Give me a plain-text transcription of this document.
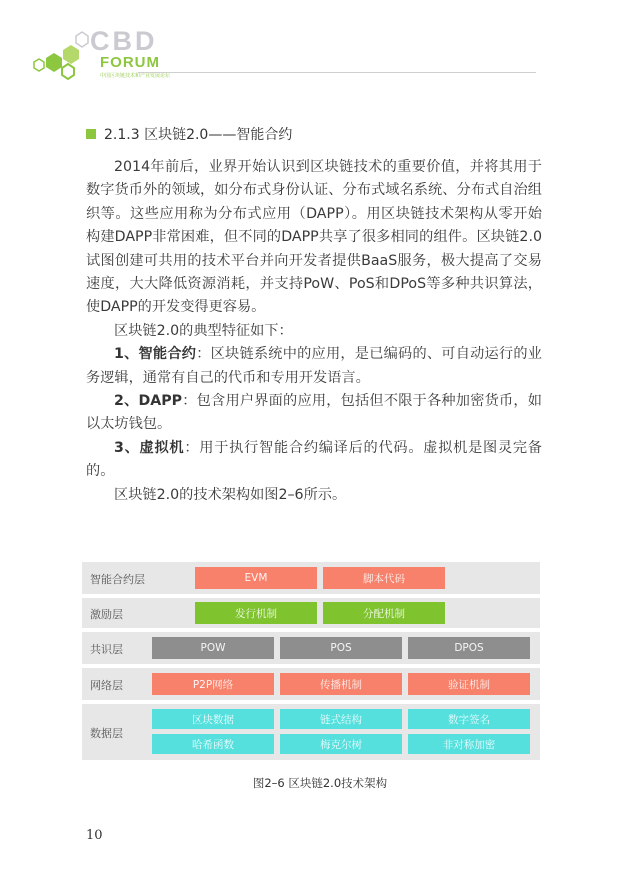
CBD
FORUM
中国区块链技术和产业发展论坛
2.1.3 区块链2.0——智能合约

2014年前后，业界开始认识到区块链技术的重要价值，并将其用于数字货币外的领域，如分布式身份认证、分布式域名系统、分布式自治组织等。这些应用称为分布式应用（DAPP）。用区块链技术架构从零开始构建DAPP非常困难，但不同的DAPP共享了很多相同的组件。区块链2.0试图创建可共用的技术平台并向开发者提供BaaS服务，极大提高了交易速度，大大降低资源消耗，并支持PoW、PoS和DPoS等多种共识算法，使DAPP的开发变得更容易。

区块链2.0的典型特征如下：

1、智能合约：区块链系统中的应用，是已编码的、可自动运行的业务逻辑，通常有自己的代币和专用开发语言。

2、DAPP：包含用户界面的应用，包括但不限于各种加密货币，如以太坊钱包。

3、虚拟机：用于执行智能合约编译后的代码。虚拟机是图灵完备的。

区块链2.0的技术架构如图2–6所示。

智能合约层	EVM	脚本代码
激励层	发行机制	分配机制
共识层	POW	POS	DPOS
网络层	P2P网络	传播机制	验证机制
数据层
区块数据	链式结构	数字签名
哈希函数	梅克尔树	非对称加密
图2–6 区块链2.0技术架构
10
